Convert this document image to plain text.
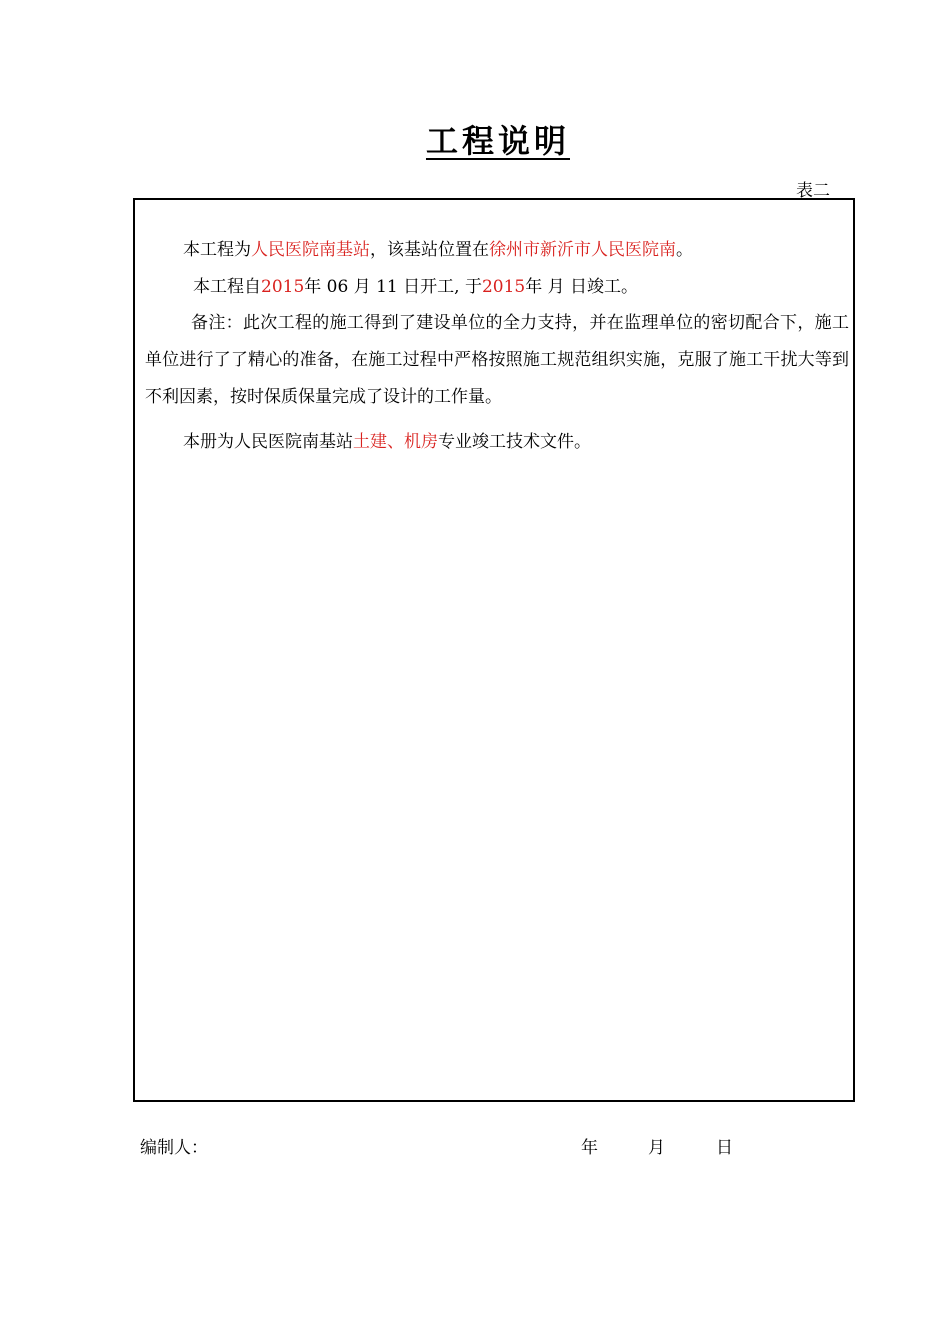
工程说明
表二

本工程为人民医院南基站，该基站位置在徐州市新沂市人民医院南。

本工程自2015年 06 月 11 日开工, 于2015年 月 日竣工。

备注：此次工程的施工得到了建设单位的全力支持，并在监理单位的密切配合下，施工单位进行了了精心的准备，在施工过程中严格按照施工规范组织实施，克服了施工干扰大等到不利因素，按时保质保量完成了设计的工作量。

本册为人民医院南基站土建、机房专业竣工技术文件。

编制人：	年	月	日
